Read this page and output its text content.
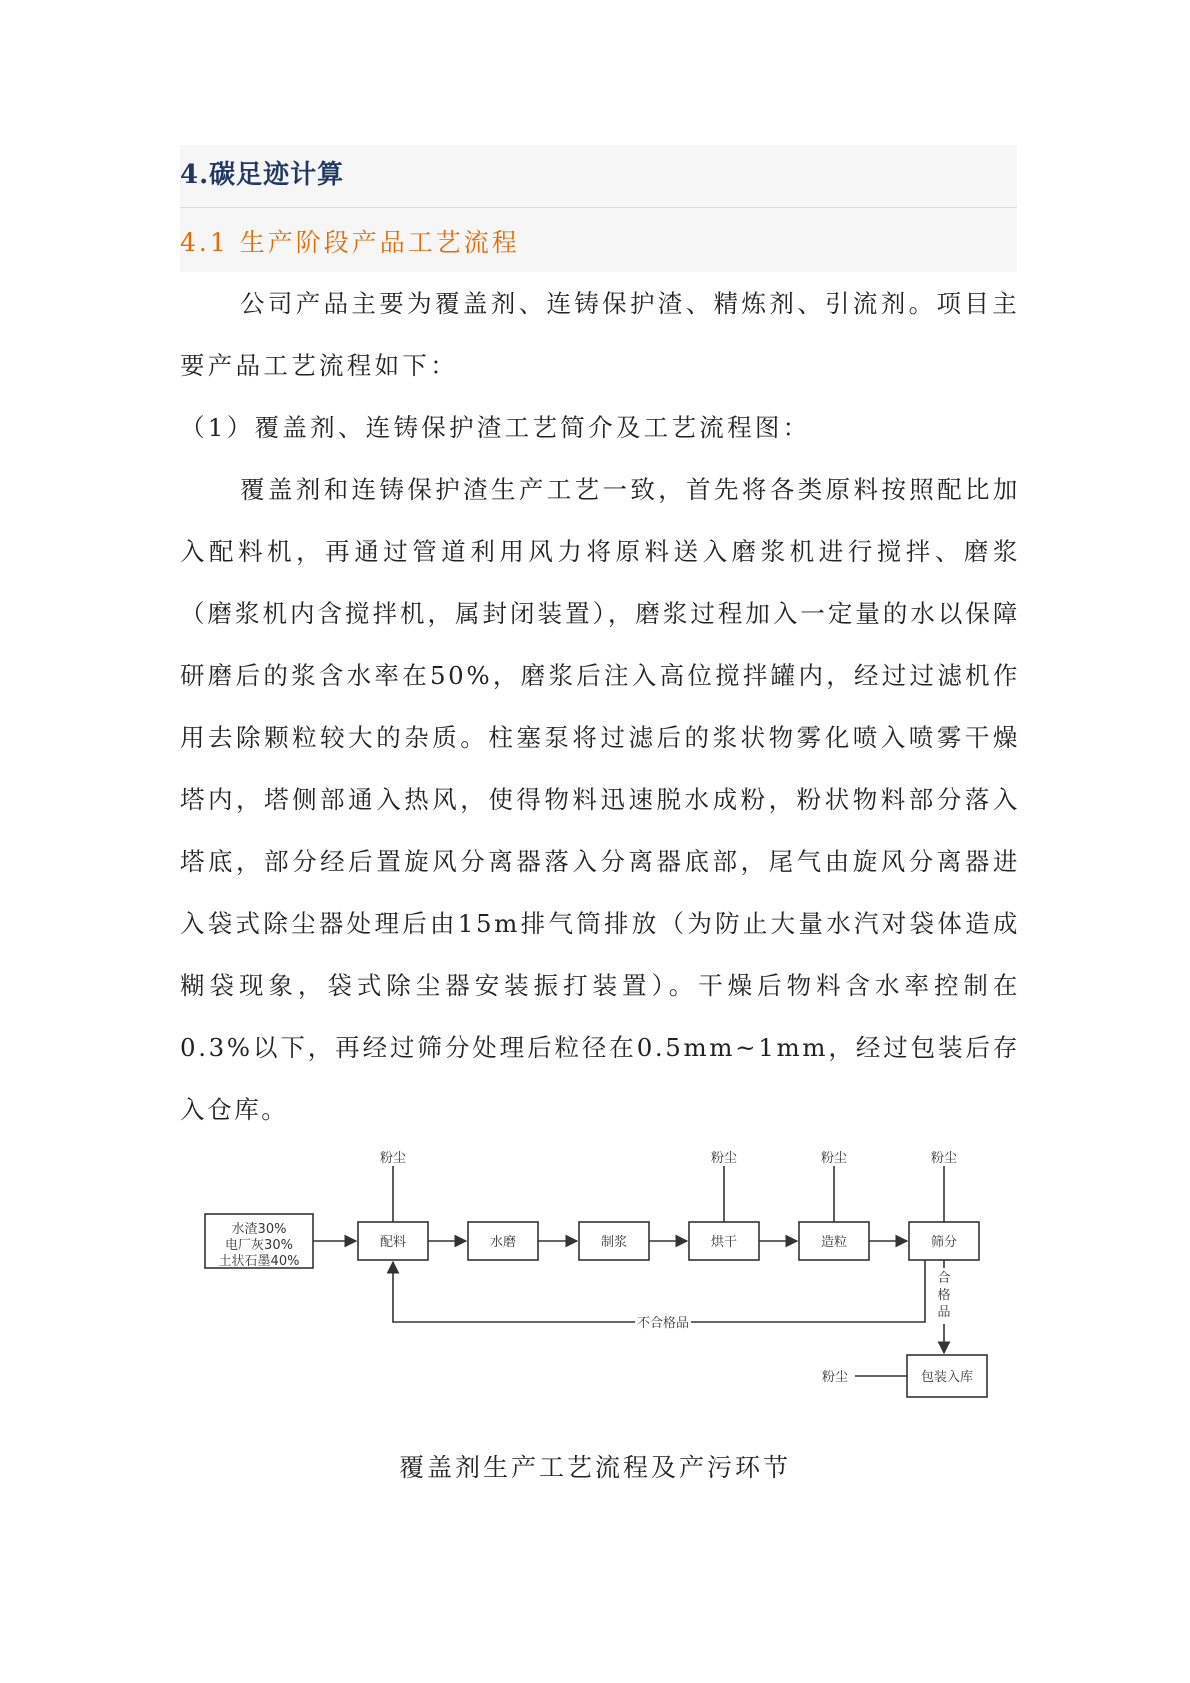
4.碳足迹计算
4.1 生产阶段产品工艺流程

公司产品主要为覆盖剂、连铸保护渣、精炼剂、引流剂。项目主要产品工艺流程如下：

（1）覆盖剂、连铸保护渣工艺简介及工艺流程图：

覆盖剂和连铸保护渣生产工艺一致，首先将各类原料按照配比加入配料机，再通过管道利用风力将原料送入磨浆机进行搅拌、磨浆（磨浆机内含搅拌机，属封闭装置），磨浆过程加入一定量的水以保障研磨后的浆含水率在50%，磨浆后注入高位搅拌罐内，经过过滤机作用去除颗粒较大的杂质。柱塞泵将过滤后的浆状物雾化喷入喷雾干燥塔内，塔侧部通入热风，使得物料迅速脱水成粉，粉状物料部分落入塔底，部分经后置旋风分离器落入分离器底部，尾气由旋风分离器进入袋式除尘器处理后由15m排气筒排放（为防止大量水汽对袋体造成糊袋现象，袋式除尘器安装振打装置）。干燥后物料含水率控制在0.3%以下，再经过筛分处理后粒径在0.5mm~1mm，经过包装后存入仓库。

水渣30%
电厂灰30%
土状石墨40%
配料	水磨	制浆	烘干	造粒	筛分
包装入库
粉尘	粉尘	粉尘	粉尘
粉尘
不合格品
合
格
品
覆盖剂生产工艺流程及产污环节
